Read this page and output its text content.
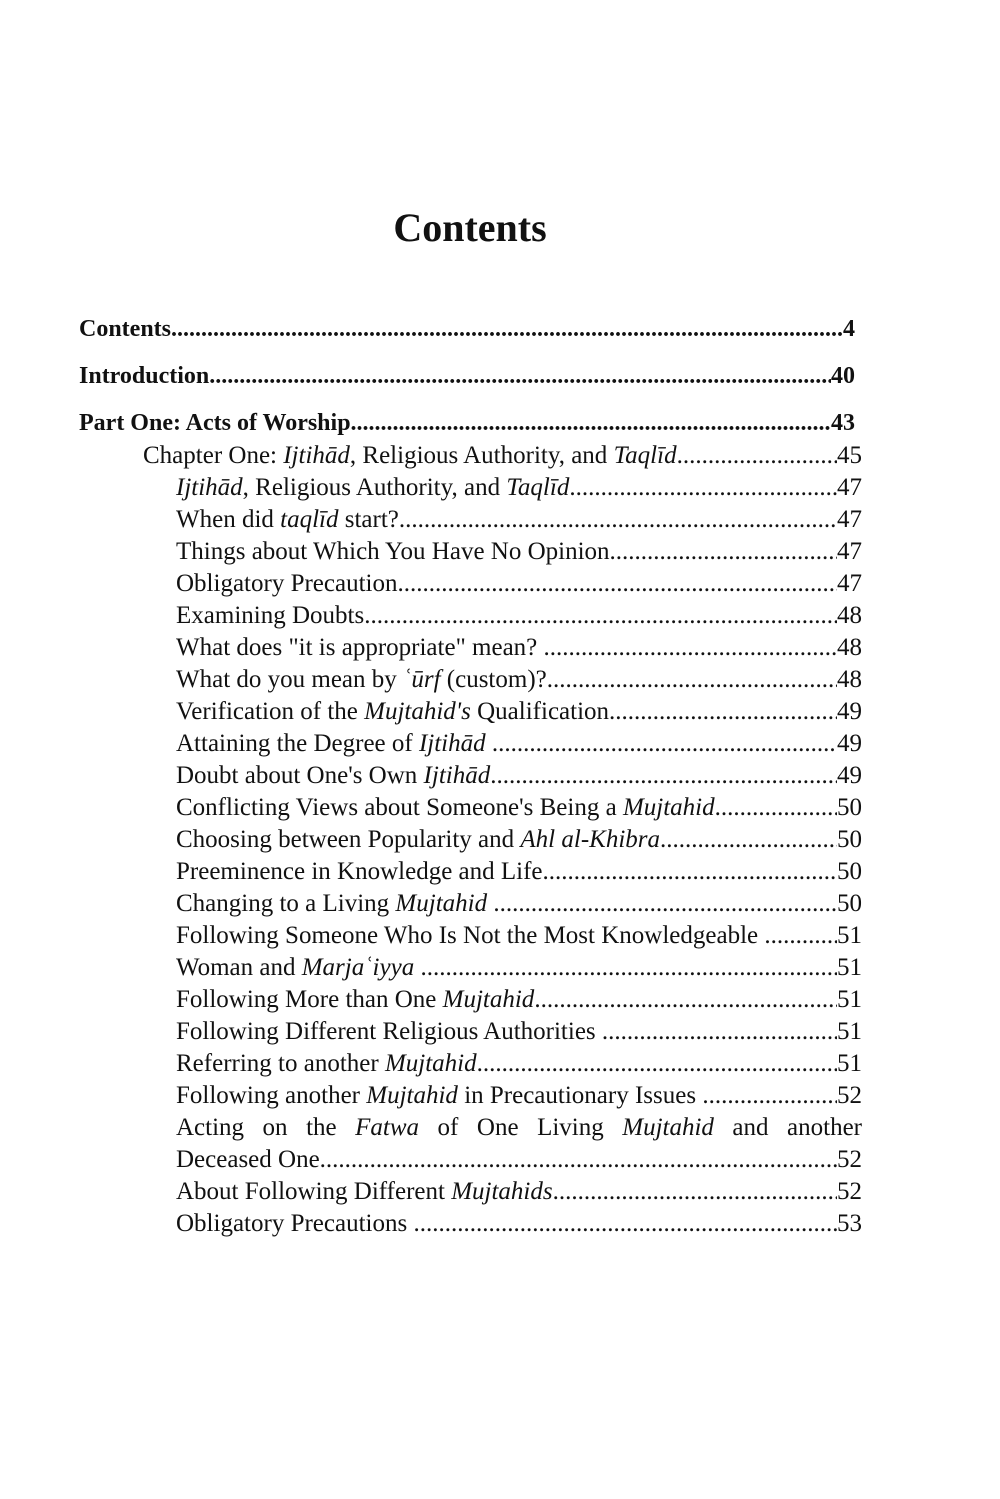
Contents
Contents .....	4
Introduction .....	40
Part One: Acts of Worship .....	43
Chapter One: Ijtihād, Religious Authority, and Taqlīd .....	45
Ijtihād, Religious Authority, and Taqlīd .....	47
When did taqlīd start? .....	47
Things about Which You Have No Opinion .....	47
Obligatory Precaution .....	47
Examining Doubts .....	48
What does "it is appropriate" mean? .....	48
What do you mean by ʿūrf (custom)? .....	48
Verification of the Mujtahid's Qualification .....	49
Attaining the Degree of Ijtihād .....	49
Doubt about One's Own Ijtihād .....	49
Conflicting Views about Someone's Being a Mujtahid .....	50
Choosing between Popularity and Ahl al-Khibra .....	50
Preeminence in Knowledge and Life .....	50
Changing to a Living Mujtahid .....	50
Following Someone Who Is Not the Most Knowledgeable .....	51
Woman and Marjaʿiyya .....	51
Following More than One Mujtahid .....	51
Following Different Religious Authorities .....	51
Referring to another Mujtahid .....	51
Following another Mujtahid in Precautionary Issues .....	52
Acting on the Fatwa of One Living Mujtahid and another
Deceased One .....	52
About Following Different Mujtahids .....	52
Obligatory Precautions .....	53
